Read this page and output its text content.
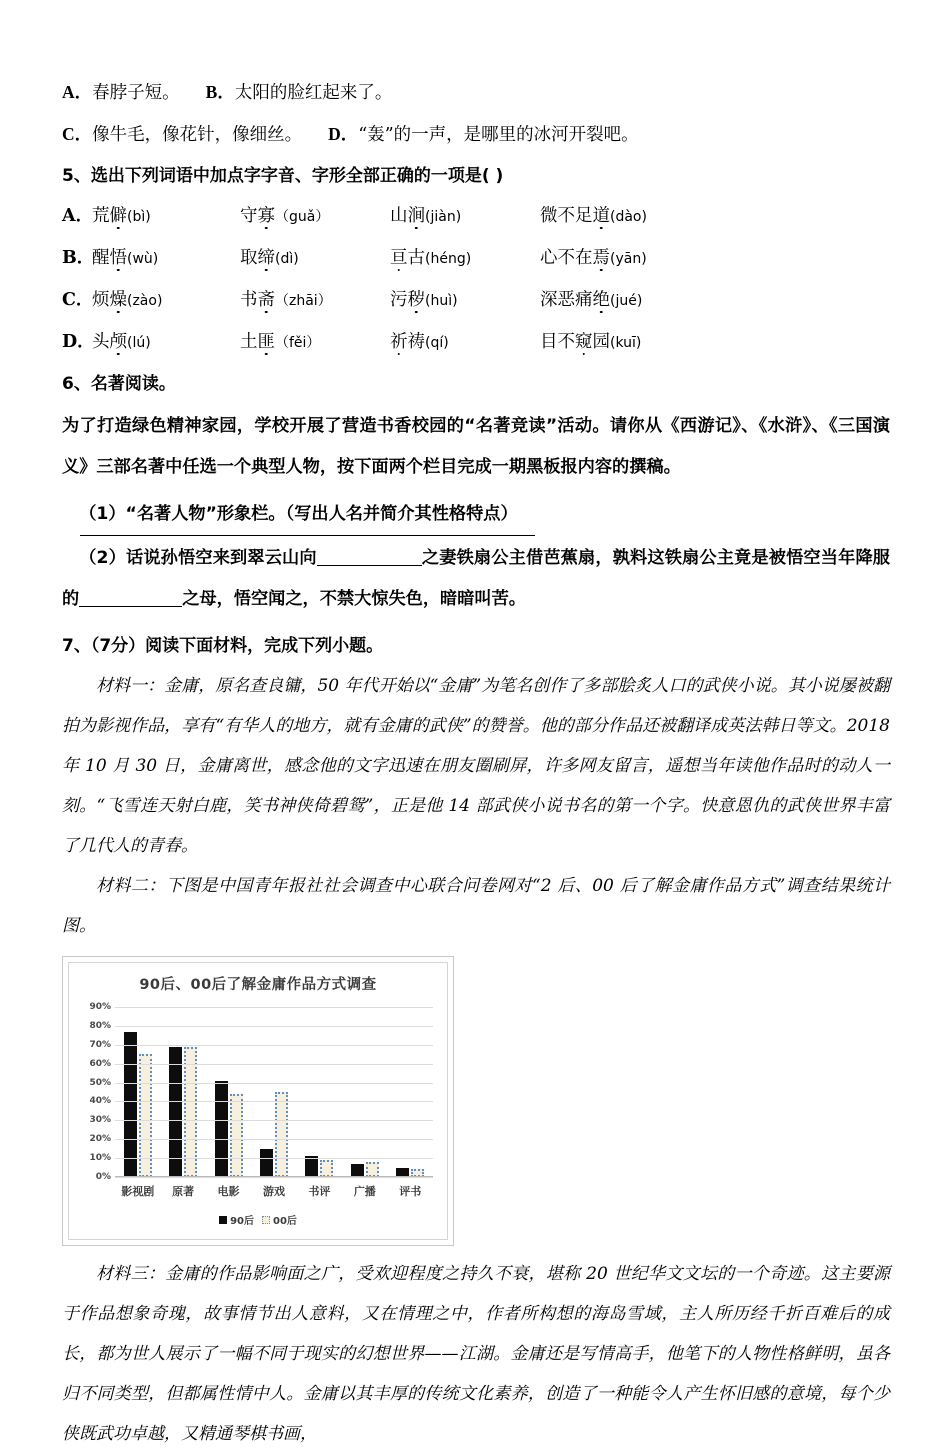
A．春脖子短。 B．太阳的脸红起来了。
C．像牛毛，像花针，像细丝。 D．“轰”的一声，是哪里的冰河开裂吧。
5、选出下列词语中加点字字音、字形全部正确的一项是( )
A．
荒僻(bì)	守寡（guǎ）	山涧(jiàn)	微不足道(dào)
B．
醒悟(wù)	取缔(dì)	亘古(héng)	心不在焉(yān)
C．
烦燥(zào)	书斋（zhāi）	污秽(huì)	深恶痛绝(jué)
D．
头颅(lú)	土匪（fěi）	祈祷(qí)	目不窥园(kuī)
6、名著阅读。
为了打造绿色精神家园，学校开展了营造书香校园的“名著竞读”活动。请你从《西游记》、《水浒》、《三国演义》三部名著中任选一个典型人物，按下面两个栏目完成一期黑板报内容的撰稿。
（1）“名著人物”形象栏。（写出人名并简介其性格特点）
（2）话说孙悟空来到翠云山向	之妻铁扇公主借芭蕉扇，孰料这铁扇公主竟是被悟空当年降服的	之母，悟空闻之，不禁大惊失色，暗暗叫苦。
7、（7分）阅读下面材料，完成下列小题。
材料一：金庸，原名查良镛，50 年代开始以“金庸”为笔名创作了多部脍炙人口的武侠小说。其小说屡被翻拍为影视作品，享有“有华人的地方，就有金庸的武侠”的赞誉。他的部分作品还被翻译成英法韩日等文。2018 年 10 月 30 日，金庸离世，感念他的文字迅速在朋友圈刷屏，许多网友留言，遥想当年读他作品时的动人一刻。“飞雪连天射白鹿，笑书神侠倚碧鸳”，正是他 14 部武侠小说书名的第一个字。快意恩仇的武侠世界丰富了几代人的青春。
材料二：下图是中国青年报社社会调查中心联合问卷网对“2 后、00 后了解金庸作品方式”调查结果统计图。
90后、00后了解金庸作品方式调查
影视剧 原著 电影 游戏 书评 广播 评书
90%
80%
70%
60%
50%
40%
30%
20%
10%
0%
90后 00后
材料三：金庸的作品影响面之广，受欢迎程度之持久不衰，堪称 20 世纪华文文坛的一个奇迹。这主要源于作品想象奇瑰，故事情节出人意料，又在情理之中，作者所构想的海岛雪域，主人所历经千折百难后的成长，都为世人展示了一幅不同于现实的幻想世界——江湖。金庸还是写情高手，他笔下的人物性格鲜明，虽各归不同类型，但都属性情中人。金庸以其丰厚的传统文化素养，创造了一种能令人产生怀旧感的意境，每个少侠既武功卓越，又精通琴棋书画，
